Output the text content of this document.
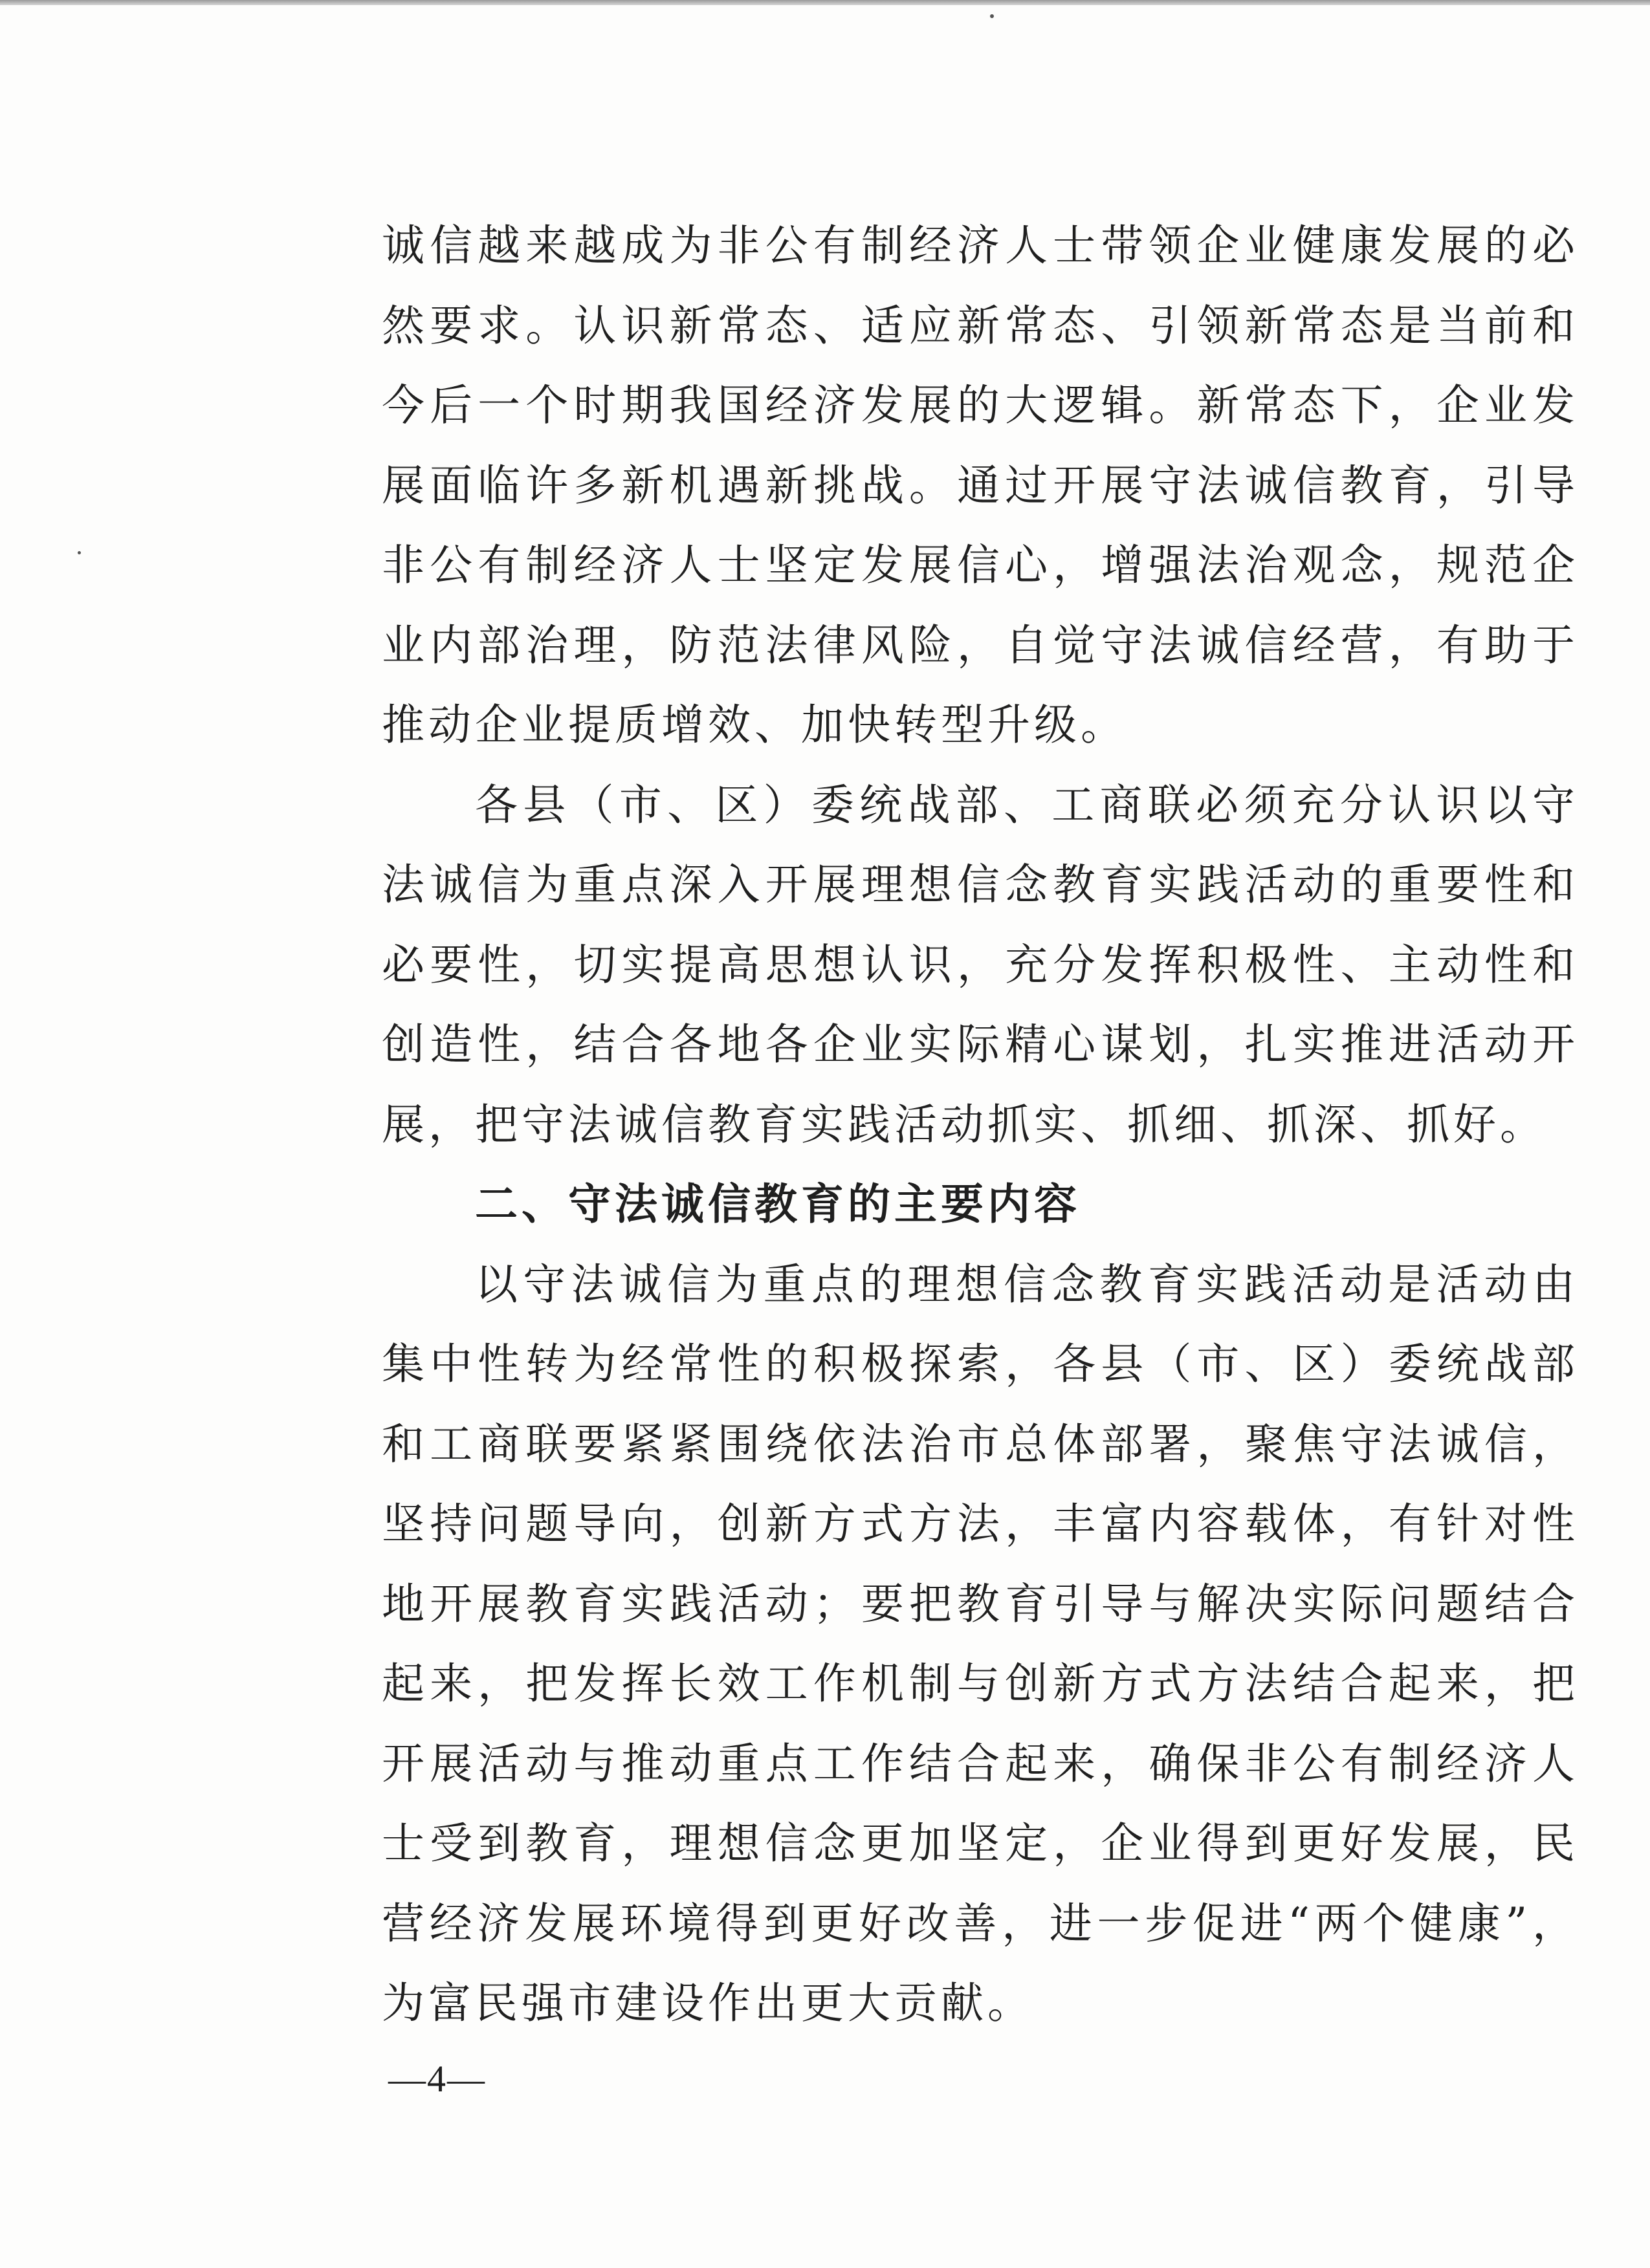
诚信越来越成为非公有制经济人士带领企业健康发展的必然要求。认识新常态、适应新常态、引领新常态是当前和今后一个时期我国经济发展的大逻辑。新常态下，企业发展面临许多新机遇新挑战。通过开展守法诚信教育，引导非公有制经济人士坚定发展信心，增强法治观念，规范企业内部治理，防范法律风险，自觉守法诚信经营，有助于推动企业提质增效、加快转型升级。

各县（市、区）委统战部、工商联必须充分认识以守法诚信为重点深入开展理想信念教育实践活动的重要性和必要性，切实提高思想认识，充分发挥积极性、主动性和创造性，结合各地各企业实际精心谋划，扎实推进活动开展，把守法诚信教育实践活动抓实、抓细、抓深、抓好。

二、守法诚信教育的主要内容

以守法诚信为重点的理想信念教育实践活动是活动由集中性转为经常性的积极探索，各县（市、区）委统战部和工商联要紧紧围绕依法治市总体部署，聚焦守法诚信，坚持问题导向，创新方式方法，丰富内容载体，有针对性地开展教育实践活动；要把教育引导与解决实际问题结合起来，把发挥长效工作机制与创新方式方法结合起来，把开展活动与推动重点工作结合起来，确保非公有制经济人士受到教育，理想信念更加坚定，企业得到更好发展，民营经济发展环境得到更好改善，进一步促进“两个健康”，为富民强市建设作出更大贡献。

—4—
